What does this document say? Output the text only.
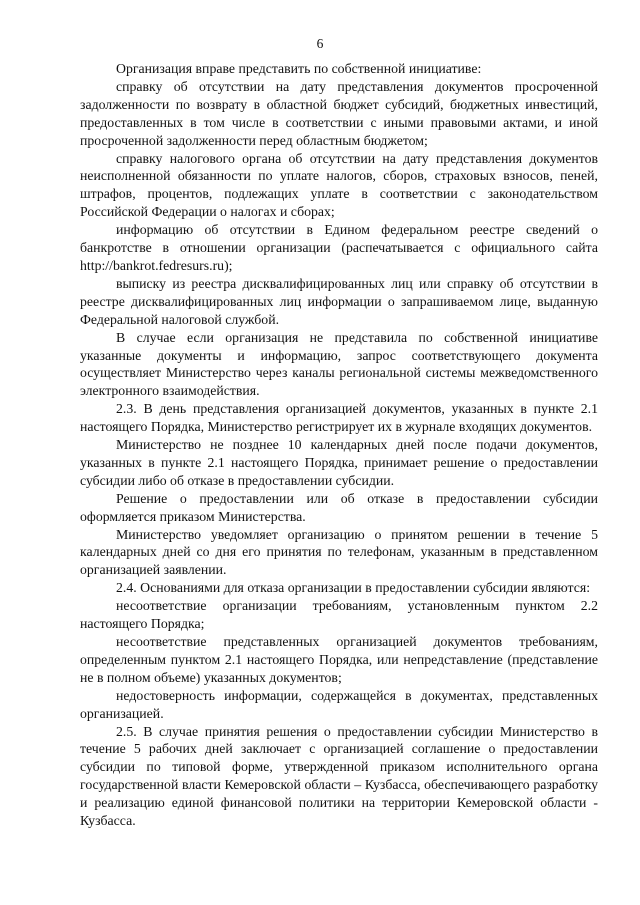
6

Организация вправе представить по собственной инициативе:

справку об отсутствии на дату представления документов просроченной задолженности по возврату в областной бюджет субсидий, бюджетных инвестиций, предоставленных в том числе в соответствии с иными правовыми актами, и иной просроченной задолженности перед областным бюджетом;

справку налогового органа об отсутствии на дату представления документов неисполненной обязанности по уплате налогов, сборов, страховых взносов, пеней, штрафов, процентов, подлежащих уплате в соответствии с законодательством Российской Федерации о налогах и сборах;

информацию об отсутствии в Едином федеральном реестре сведений о банкротстве в отношении организации (распечатывается с официального сайта http://bankrot.fedresurs.ru);

выписку из реестра дисквалифицированных лиц или справку об отсутствии в реестре дисквалифицированных лиц информации о запрашиваемом лице, выданную Федеральной налоговой службой.

В случае если организация не представила по собственной инициативе указанные документы и информацию, запрос соответствующего документа осуществляет Министерство через каналы региональной системы межведомственного электронного взаимодействия.

2.3. В день представления организацией документов, указанных в пункте 2.1 настоящего Порядка, Министерство регистрирует их в журнале входящих документов.

Министерство не позднее 10 календарных дней после подачи документов, указанных в пункте 2.1 настоящего Порядка, принимает решение о предоставлении субсидии либо об отказе в предоставлении субсидии.

Решение о предоставлении или об отказе в предоставлении субсидии оформляется приказом Министерства.

Министерство уведомляет организацию о принятом решении в течение 5 календарных дней со дня его принятия по телефонам, указанным в представленном организацией заявлении.

2.4. Основаниями для отказа организации в предоставлении субсидии являются:

несоответствие организации требованиям, установленным пунктом 2.2 настоящего Порядка;

несоответствие представленных организацией документов требованиям, определенным пунктом 2.1 настоящего Порядка, или непредставление (представление не в полном объеме) указанных документов;

недостоверность информации, содержащейся в документах, представленных организацией.

2.5. В случае принятия решения о предоставлении субсидии Министерство в течение 5 рабочих дней заключает с организацией соглашение о предоставлении субсидии по типовой форме, утвержденной приказом исполнительного органа государственной власти Кемеровской области – Кузбасса, обеспечивающего разработку и реализацию единой финансовой политики на территории Кемеровской области - Кузбасса.
